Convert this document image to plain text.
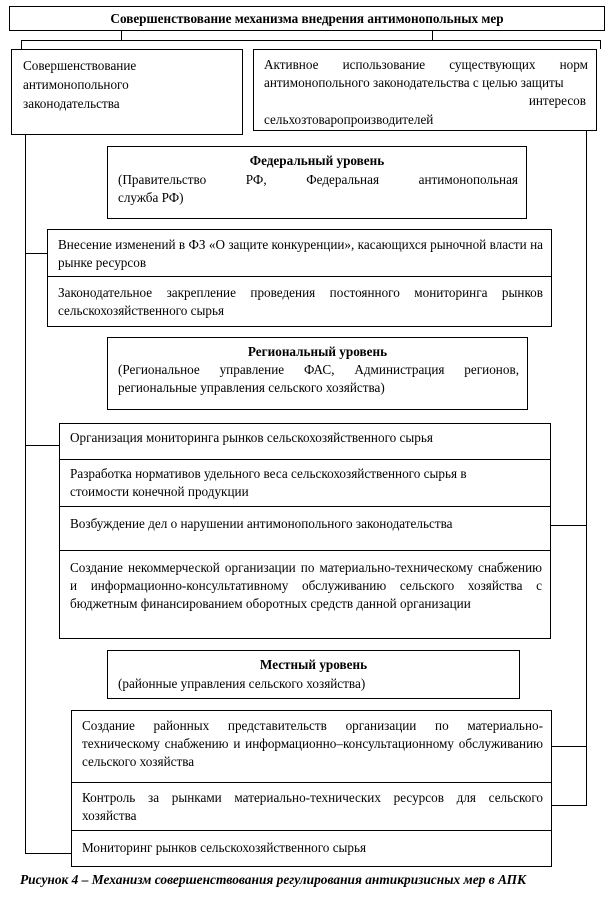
Совершенствование механизма внедрения антимонопольных мер
Совершенствование
антимонопольного
законодательства
Активное использование существующих норм антимонопольного законодательства с целью защиты
интересов
сельхозтоваропроизводителей
Федеральный уровень
(Правительство РФ, Федеральная антимонопольная
служба РФ)
Внесение изменений в ФЗ «О защите конкуренции», касающихся рыночной власти на рынке ресурсов
Законодательное закрепление проведения постоянного мониторинга рынков сельскохозяйственного сырья
Региональный уровень
(Региональное управление ФАС, Администрация регионов, региональные управления сельского хозяйства)
Организация мониторинга рынков сельскохозяйственного сырья
Разработка нормативов удельного веса сельскохозяйственного сырья в стоимости конечной продукции
Возбуждение дел о нарушении антимонопольного законодательства
Создание некоммерческой организации по материально-техническому снабжению и информационно-консультативному обслуживанию сельского хозяйства с бюджетным финансированием оборотных средств данной организации
Местный уровень
(районные управления сельского хозяйства)
Создание районных представительств организации по материально-техническому снабжению и информационно–консультационному обслуживанию сельского хозяйства
Контроль за рынками материально-технических ресурсов для сельского хозяйства
Мониторинг рынков сельскохозяйственного сырья
Рисунок 4 – Механизм совершенствования регулирования антикризисных мер в АПК
